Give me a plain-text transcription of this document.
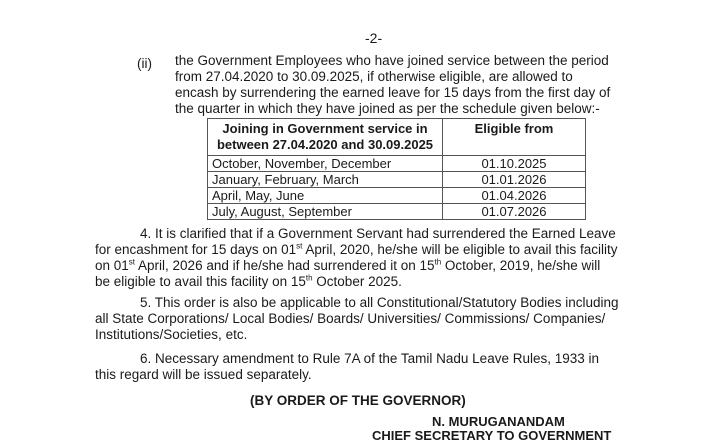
-2-
(ii) the Government Employees who have joined service between the period
from 27.04.2020 to 30.09.2025, if otherwise eligible, are allowed to
encash by surrendering the earned leave for 15 days from the first day of
the quarter in which they have joined as per the schedule given below:-
Joining in Government service in between 27.04.2020 and 30.09.2025	Eligible from
October, November, December	01.10.2025
January, February, March	01.01.2026
April, May, June	01.04.2026
July, August, September	01.07.2026
4. It is clarified that if a Government Servant had surrendered the Earned Leave
for encashment for 15 days on 01st April, 2020, he/she will be eligible to avail this facility
on 01st April, 2026 and if he/she had surrendered it on 15th October, 2019, he/she will
be eligible to avail this facility on 15th October 2025.
5. This order is also be applicable to all Constitutional/Statutory Bodies including
all State Corporations/ Local Bodies/ Boards/ Universities/ Commissions/ Companies/
Institutions/Societies, etc.
6. Necessary amendment to Rule 7A of the Tamil Nadu Leave Rules, 1933 in
this regard will be issued separately.
(BY ORDER OF THE GOVERNOR)
N. MURUGANANDAM
CHIEF SECRETARY TO GOVERNMENT
